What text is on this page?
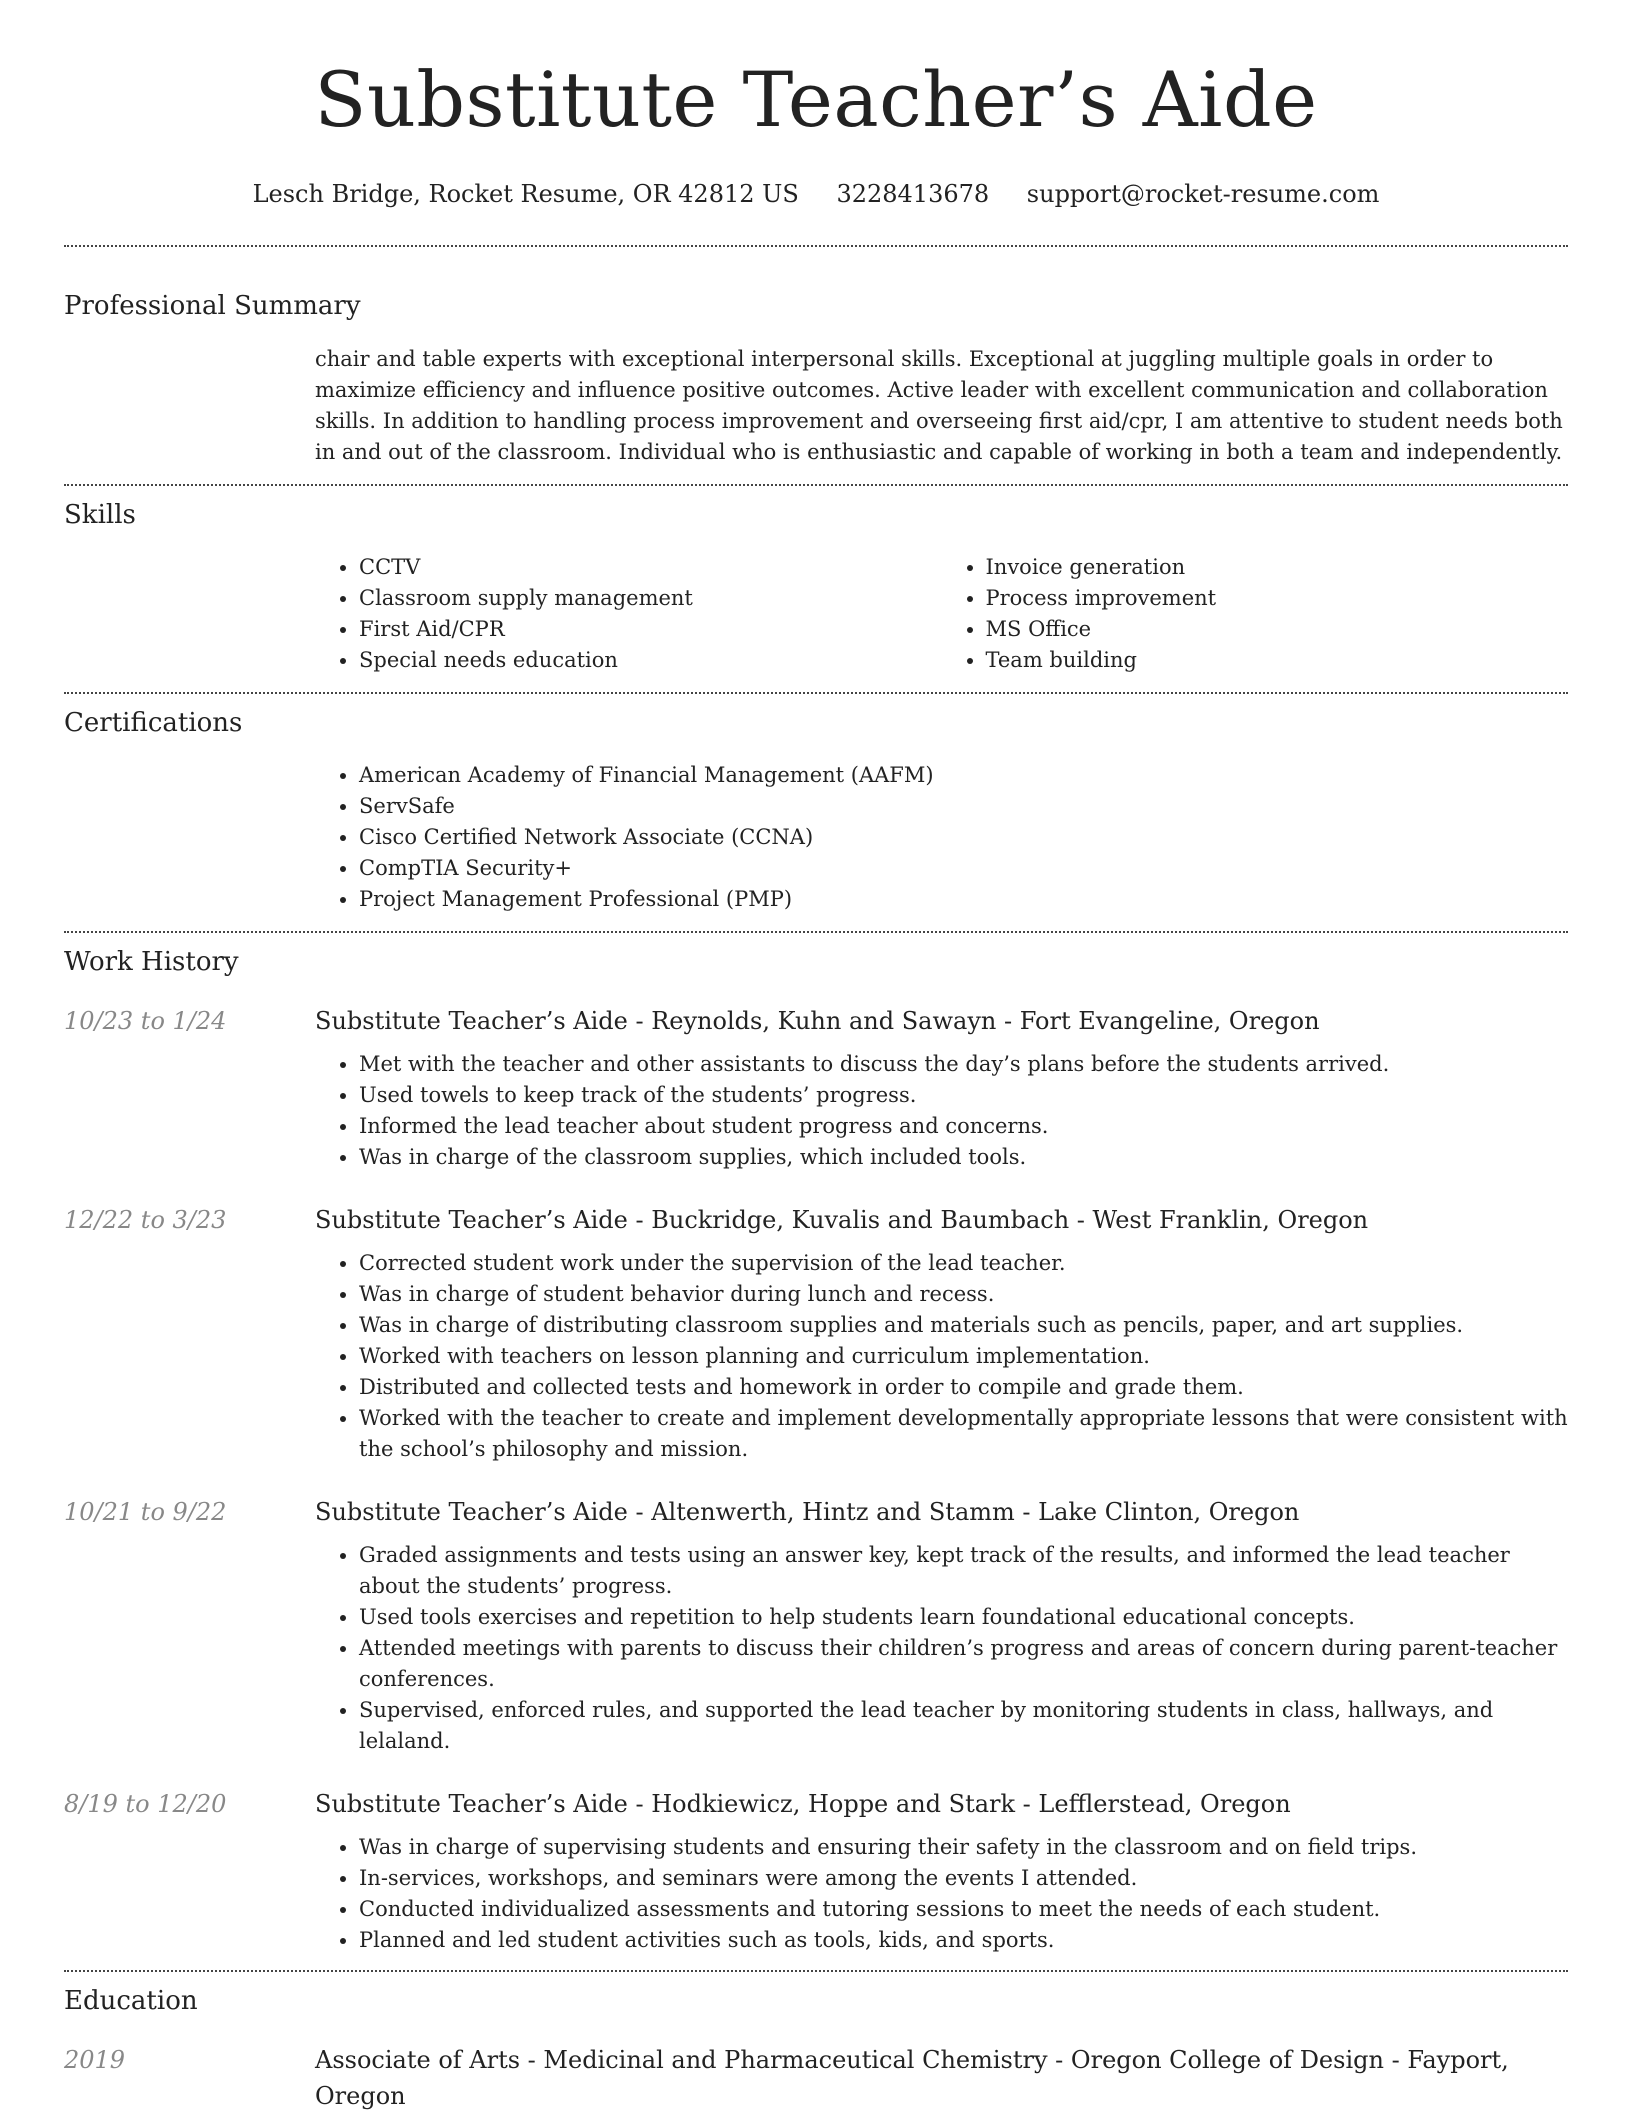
Substitute Teacher’s Aide
Lesch Bridge, Rocket Resume, OR 42812 US 3228413678 support@rocket-resume.com
Professional Summary
chair and table experts with exceptional interpersonal skills. Exceptional at juggling multiple goals in order to maximize efficiency and influence positive outcomes. Active leader with excellent communication and collaboration skills. In addition to handling process improvement and overseeing first aid/cpr, I am attentive to student needs both in and out of the classroom. Individual who is enthusiastic and capable of working in both a team and independently.
Skills
• CCTV
• Classroom supply management
• First Aid/CPR
• Special needs education
• Invoice generation
• Process improvement
• MS Office
• Team building
Certifications
• American Academy of Financial Management (AAFM)
• ServSafe
• Cisco Certified Network Associate (CCNA)
• CompTIA Security+
• Project Management Professional (PMP)
Work History
10/23 to 1/24	Substitute Teacher’s Aide - Reynolds, Kuhn and Sawayn - Fort Evangeline, Oregon
• Met with the teacher and other assistants to discuss the day’s plans before the students arrived.
• Used towels to keep track of the students’ progress.
• Informed the lead teacher about student progress and concerns.
• Was in charge of the classroom supplies, which included tools.
12/22 to 3/23	Substitute Teacher’s Aide - Buckridge, Kuvalis and Baumbach - West Franklin, Oregon
• Corrected student work under the supervision of the lead teacher.
• Was in charge of student behavior during lunch and recess.
• Was in charge of distributing classroom supplies and materials such as pencils, paper, and art supplies.
• Worked with teachers on lesson planning and curriculum implementation.
• Distributed and collected tests and homework in order to compile and grade them.
• Worked with the teacher to create and implement developmentally appropriate lessons that were consistent with the school’s philosophy and mission.
10/21 to 9/22	Substitute Teacher’s Aide - Altenwerth, Hintz and Stamm - Lake Clinton, Oregon
• Graded assignments and tests using an answer key, kept track of the results, and informed the lead teacher about the students’ progress.
• Used tools exercises and repetition to help students learn foundational educational concepts.
• Attended meetings with parents to discuss their children’s progress and areas of concern during parent-teacher conferences.
• Supervised, enforced rules, and supported the lead teacher by monitoring students in class, hallways, and lelaland.
8/19 to 12/20	Substitute Teacher’s Aide - Hodkiewicz, Hoppe and Stark - Lefflerstead, Oregon
• Was in charge of supervising students and ensuring their safety in the classroom and on field trips.
• In-services, workshops, and seminars were among the events I attended.
• Conducted individualized assessments and tutoring sessions to meet the needs of each student.
• Planned and led student activities such as tools, kids, and sports.
Education
2019	Associate of Arts - Medicinal and Pharmaceutical Chemistry - Oregon College of Design - Fayport, Oregon
